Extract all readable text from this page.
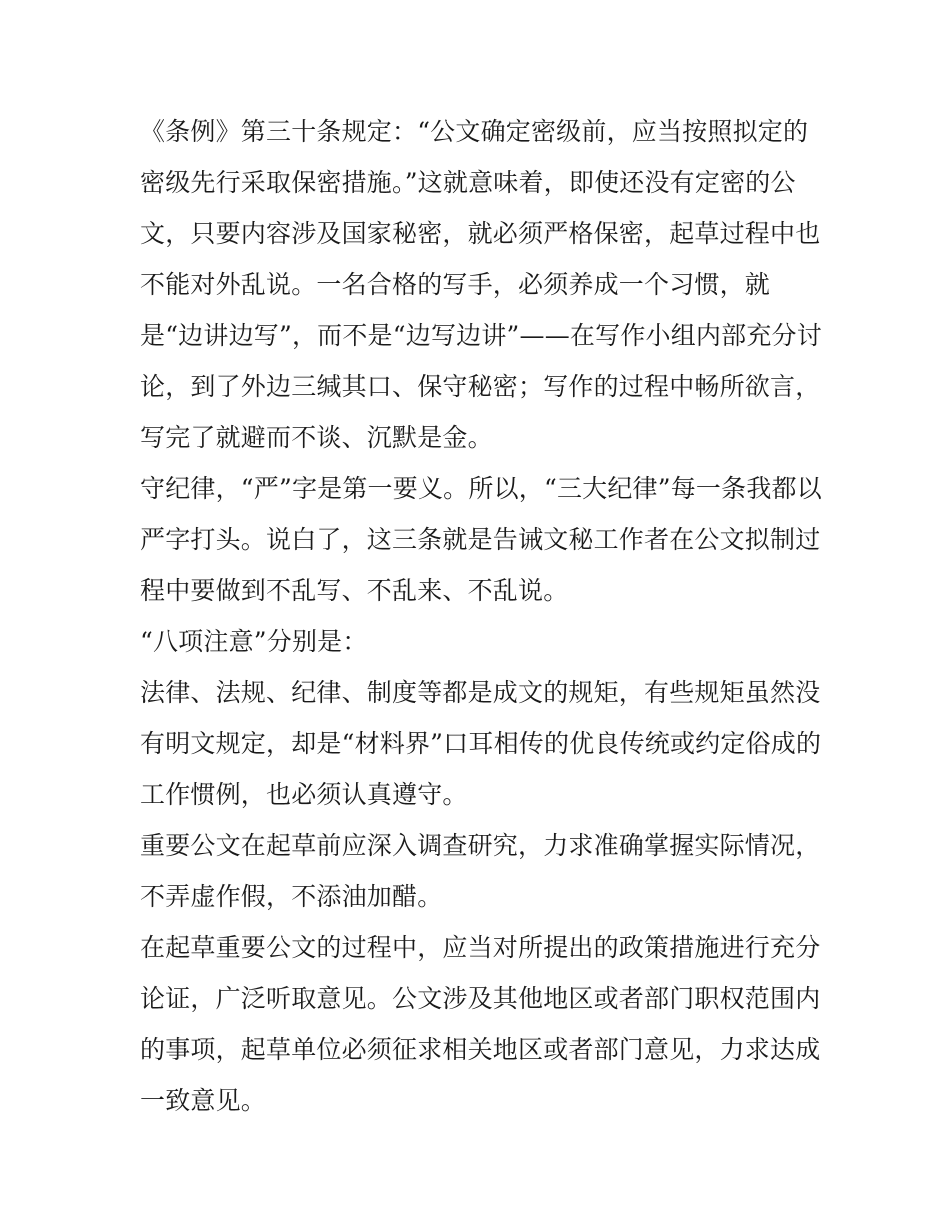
《条例》第三十条规定：“公文确定密级前，应当按照拟定的
密级先行采取保密措施。”这就意味着，即使还没有定密的公
文，只要内容涉及国家秘密，就必须严格保密，起草过程中也
不能对外乱说。一名合格的写手，必须养成一个习惯，就
是“边讲边写”，而不是“边写边讲”——在写作小组内部充分讨
论，到了外边三缄其口、保守秘密；写作的过程中畅所欲言，
写完了就避而不谈、沉默是金。
守纪律，“严”字是第一要义。所以，“三大纪律”每一条我都以
严字打头。说白了，这三条就是告诫文秘工作者在公文拟制过
程中要做到不乱写、不乱来、不乱说。
“八项注意”分别是：
法律、法规、纪律、制度等都是成文的规矩，有些规矩虽然没
有明文规定，却是“材料界”口耳相传的优良传统或约定俗成的
工作惯例，也必须认真遵守。
重要公文在起草前应深入调查研究，力求准确掌握实际情况，
不弄虚作假，不添油加醋。
在起草重要公文的过程中，应当对所提出的政策措施进行充分
论证，广泛听取意见。公文涉及其他地区或者部门职权范围内
的事项，起草单位必须征求相关地区或者部门意见，力求达成
一致意见。
